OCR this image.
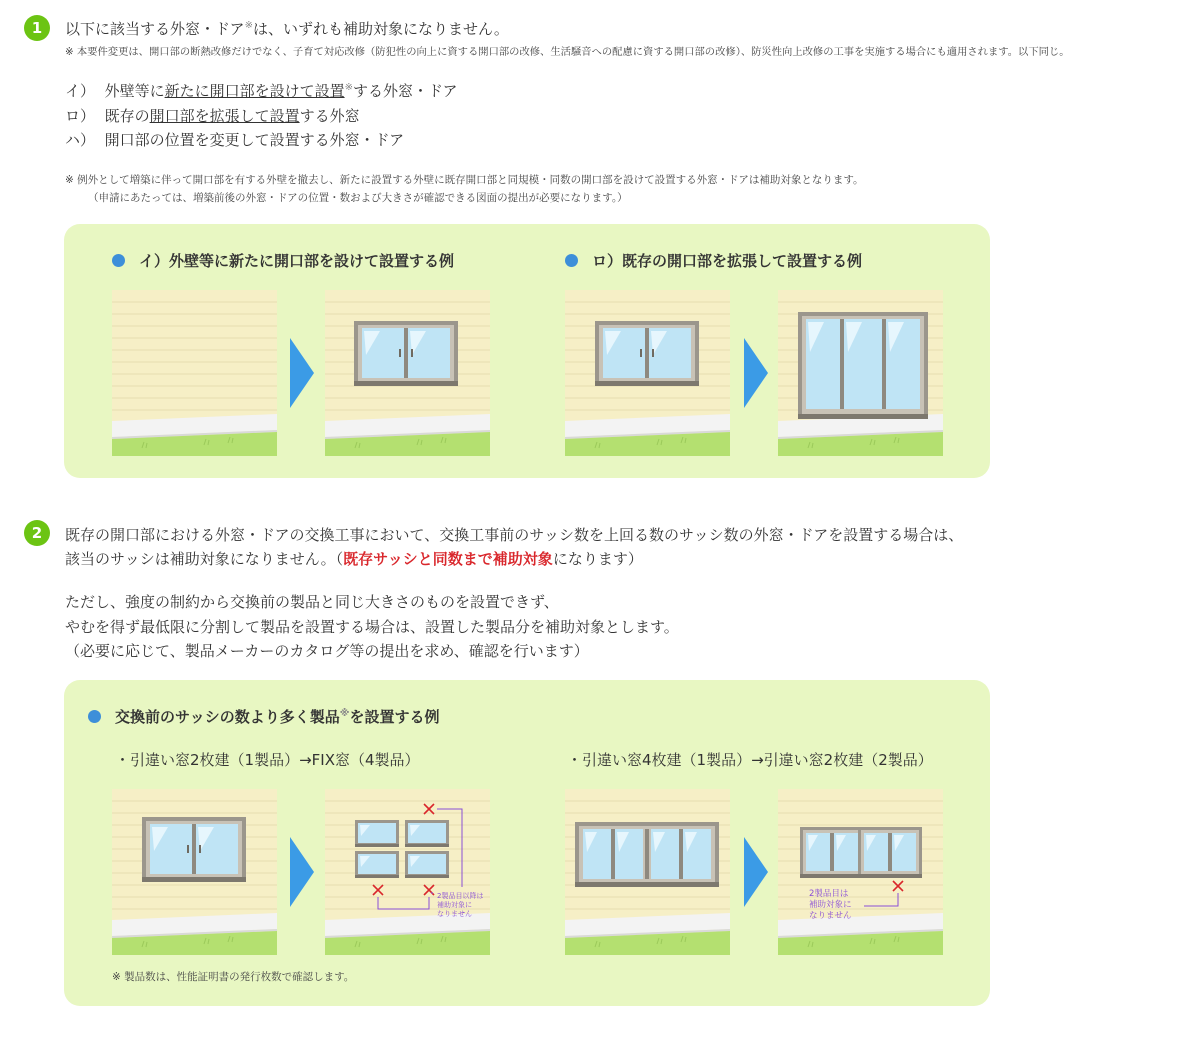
1	以下に該当する外窓・ドア※は、いずれも補助対象になりません。
※ 本要件変更は、開口部の断熱改修だけでなく、子育て対応改修（防犯性の向上に資する開口部の改修、生活騒音への配慮に資する開口部の改修）、防災性向上改修の工事を実施する場合にも適用されます。以下同じ。
イ） 外壁等に新たに開口部を設けて設置※する外窓・ドア
ロ） 既存の開口部を拡張して設置する外窓
ハ） 開口部の位置を変更して設置する外窓・ドア
※ 例外として増築に伴って開口部を有する外壁を撤去し、新たに設置する外壁に既存開口部と同規模・同数の開口部を設けて設置する外窓・ドアは補助対象となります。
（申請にあたっては、増築前後の外窓・ドアの位置・数および大きさが確認できる図面の提出が必要になります。）
イ）外壁等に新たに開口部を設けて設置する例	ロ）既存の開口部を拡張して設置する例
2	既存の開口部における外窓・ドアの交換工事において、交換工事前のサッシ数を上回る数のサッシ数の外窓・ドアを設置する場合は、
該当のサッシは補助対象になりません。（既存サッシと同数まで補助対象になります）
ただし、強度の制約から交換前の製品と同じ大きさのものを設置できず、
やむを得ず最低限に分割して製品を設置する場合は、設置した製品分を補助対象とします。
（必要に応じて、製品メーカーのカタログ等の提出を求め、確認を行います）
交換前のサッシの数より多く製品※を設置する例
・引違い窓2枚建（1製品）→FIX窓（4製品）	・引違い窓4枚建（1製品）→引違い窓2枚建（2製品）
2製品目以降は
補助対象に
なりません
2製品目は
補助対象に
なりません
※ 製品数は、性能証明書の発行枚数で確認します。
